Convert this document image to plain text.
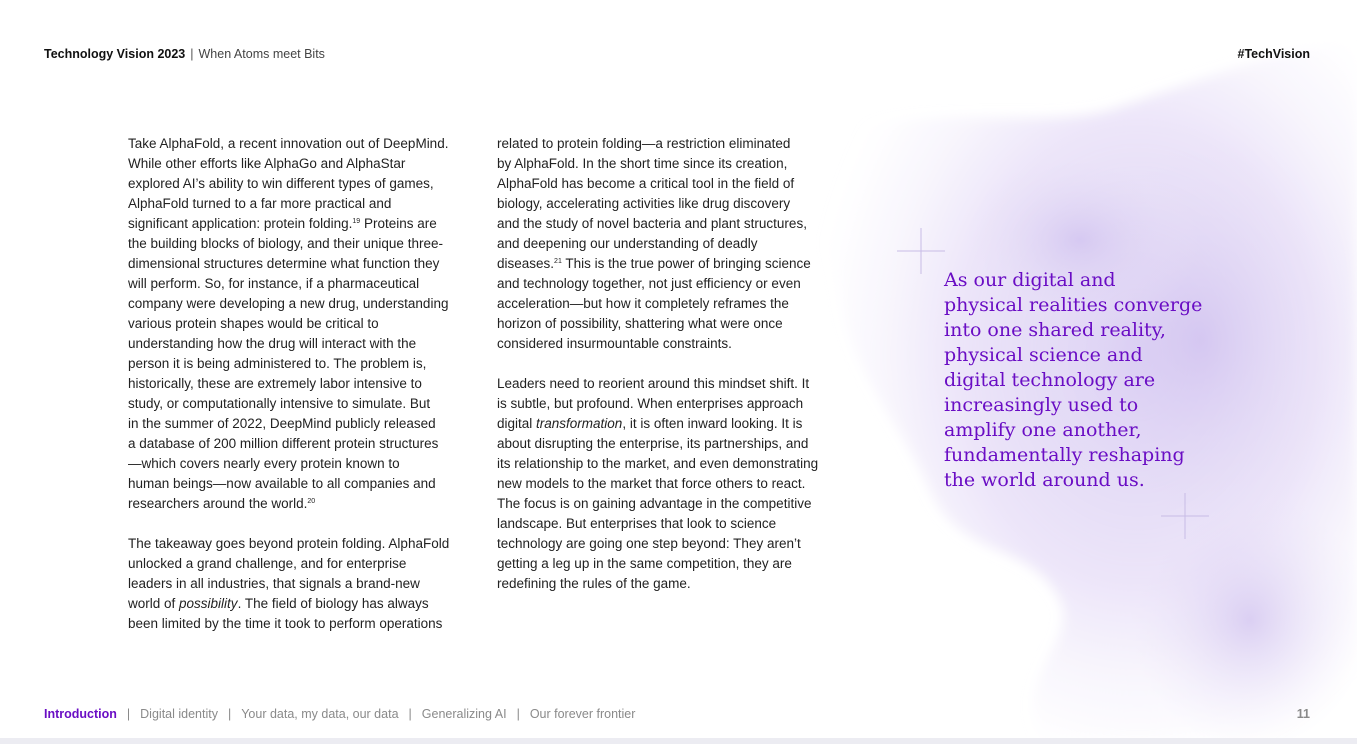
Technology Vision 2023 | When Atoms meet Bits	#TechVision
Take AlphaFold, a recent innovation out of DeepMind.
While other efforts like AlphaGo and AlphaStar
explored AI’s ability to win different types of games,
AlphaFold turned to a far more practical and
significant application: protein folding.$^{19}$ Proteins are
the building blocks of biology, and their unique three-
dimensional structures determine what function they
will perform. So, for instance, if a pharmaceutical
company were developing a new drug, understanding
various protein shapes would be critical to
understanding how the drug will interact with the
person it is being administered to. The problem is,
historically, these are extremely labor intensive to
study, or computationally intensive to simulate. But
in the summer of 2022, DeepMind publicly released
a database of 200 million different protein structures
—which covers nearly every protein known to
human beings—now available to all companies and
researchers around the world.$^{20}$
The takeaway goes beyond protein folding. AlphaFold
unlocked a grand challenge, and for enterprise
leaders in all industries, that signals a brand-new
world of possibility. The field of biology has always
been limited by the time it took to perform operations
related to protein folding—a restriction eliminated
by AlphaFold. In the short time since its creation,
AlphaFold has become a critical tool in the field of
biology, accelerating activities like drug discovery
and the study of novel bacteria and plant structures,
and deepening our understanding of deadly
diseases.$^{21}$ This is the true power of bringing science
and technology together, not just efficiency or even
acceleration—but how it completely reframes the
horizon of possibility, shattering what were once
considered insurmountable constraints.
Leaders need to reorient around this mindset shift. It
is subtle, but profound. When enterprises approach
digital transformation, it is often inward looking. It is
about disrupting the enterprise, its partnerships, and
its relationship to the market, and even demonstrating
new models to the market that force others to react.
The focus is on gaining advantage in the competitive
landscape. But enterprises that look to science
technology are going one step beyond: They aren’t
getting a leg up in the same competition, they are
redefining the rules of the game.
As our digital and
physical realities converge
into one shared reality,
physical science and
digital technology are
increasingly used to
amplify one another,
fundamentally reshaping
the world around us.
Introduction | Digital identity | Your data, my data, our data | Generalizing AI | Our forever frontier	11
